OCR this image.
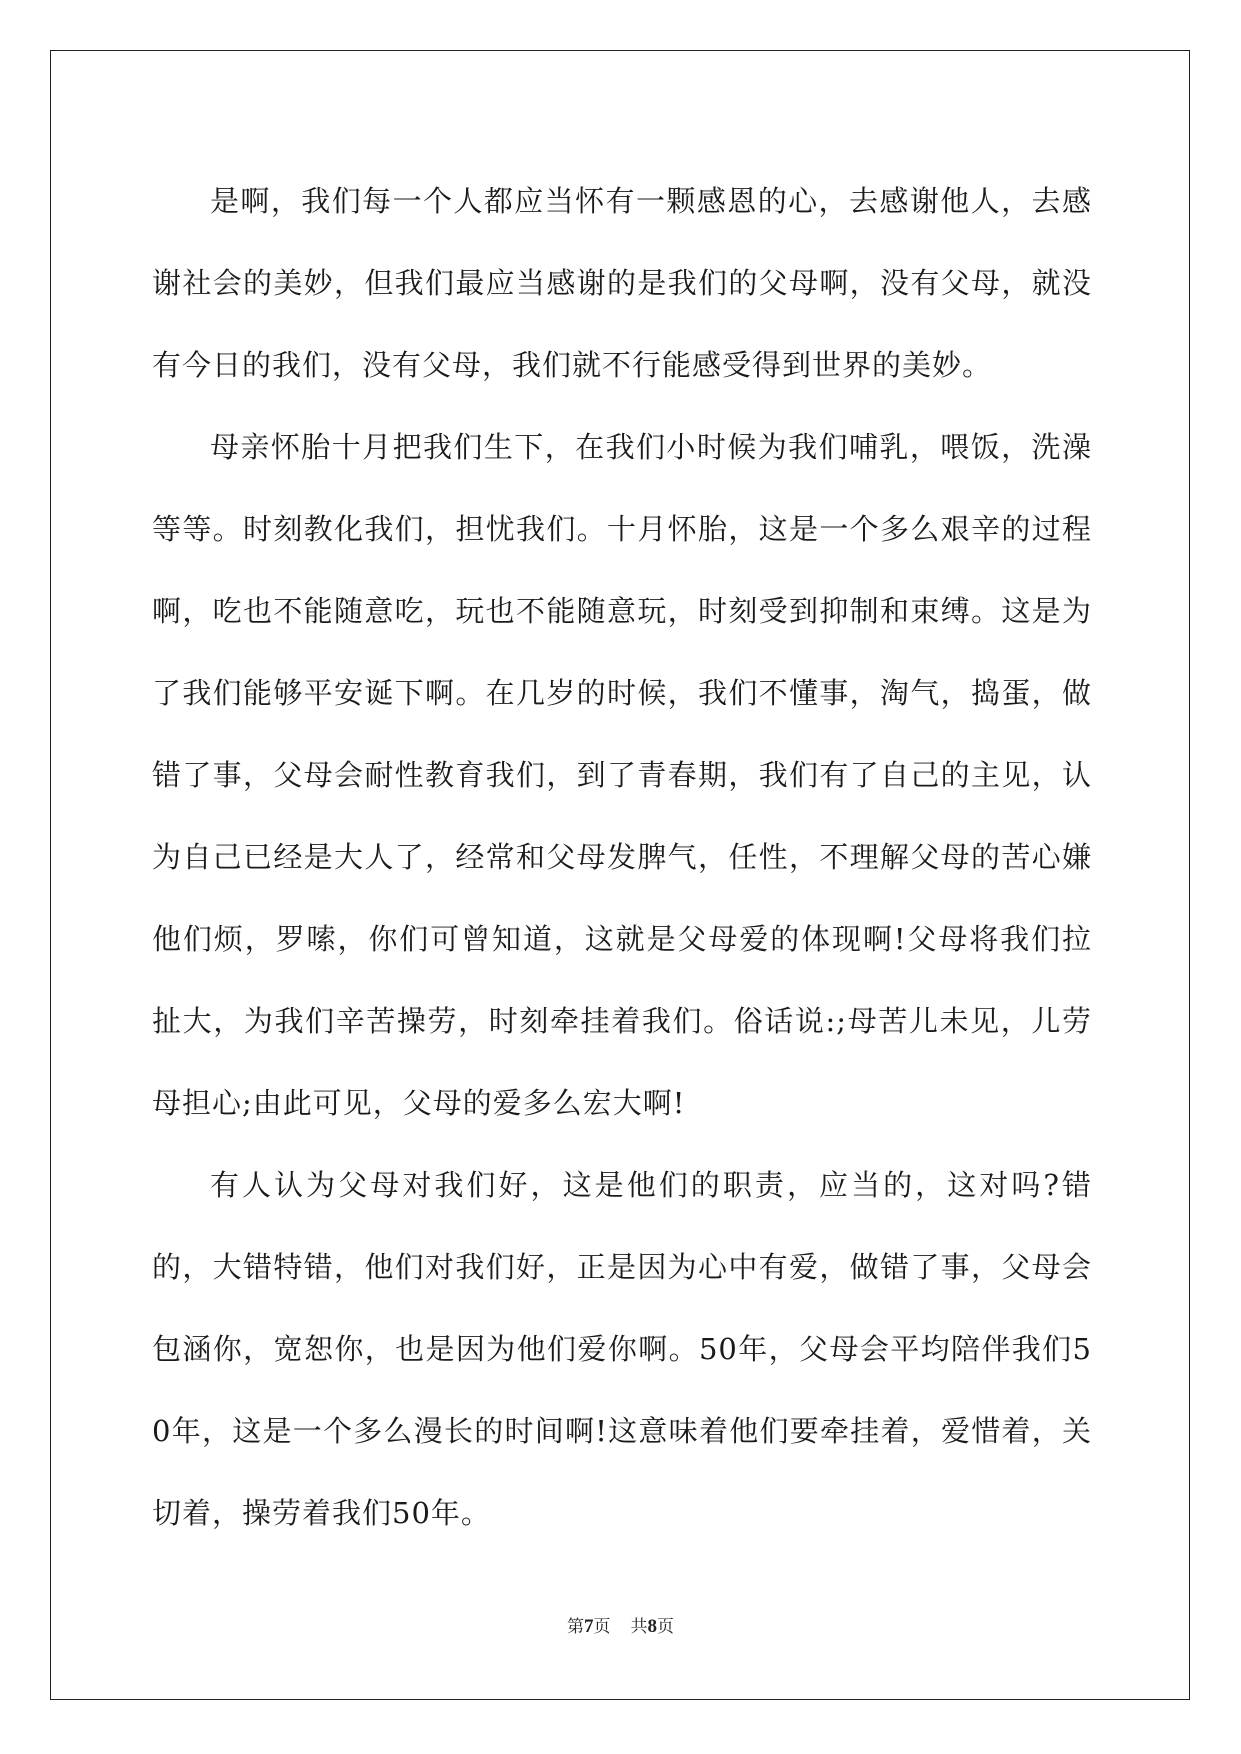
是啊，我们每一个人都应当怀有一颗感恩的心，去感谢他人，去感谢社会的美妙，但我们最应当感谢的是我们的父母啊，没有父母，就没有今日的我们，没有父母，我们就不行能感受得到世界的美妙。

母亲怀胎十月把我们生下，在我们小时候为我们哺乳，喂饭，洗澡等等。时刻教化我们，担忧我们。十月怀胎，这是一个多么艰辛的过程啊，吃也不能随意吃，玩也不能随意玩，时刻受到抑制和束缚。这是为了我们能够平安诞下啊。在几岁的时候，我们不懂事，淘气，捣蛋，做错了事，父母会耐性教育我们，到了青春期，我们有了自己的主见，认为自己已经是大人了，经常和父母发脾气，任性，不理解父母的苦心嫌他们烦，罗嗦，你们可曾知道，这就是父母爱的体现啊!父母将我们拉扯大，为我们辛苦操劳，时刻牵挂着我们。俗话说:;母苦儿未见，儿劳母担心;由此可见，父母的爱多么宏大啊!

有人认为父母对我们好，这是他们的职责，应当的，这对吗?错的，大错特错，他们对我们好，正是因为心中有爱，做错了事，父母会包涵你，宽恕你，也是因为他们爱你啊。50年，父母会平均陪伴我们50年，这是一个多么漫长的时间啊!这意味着他们要牵挂着，爱惜着，关切着，操劳着我们50年。

第7页 共8页
